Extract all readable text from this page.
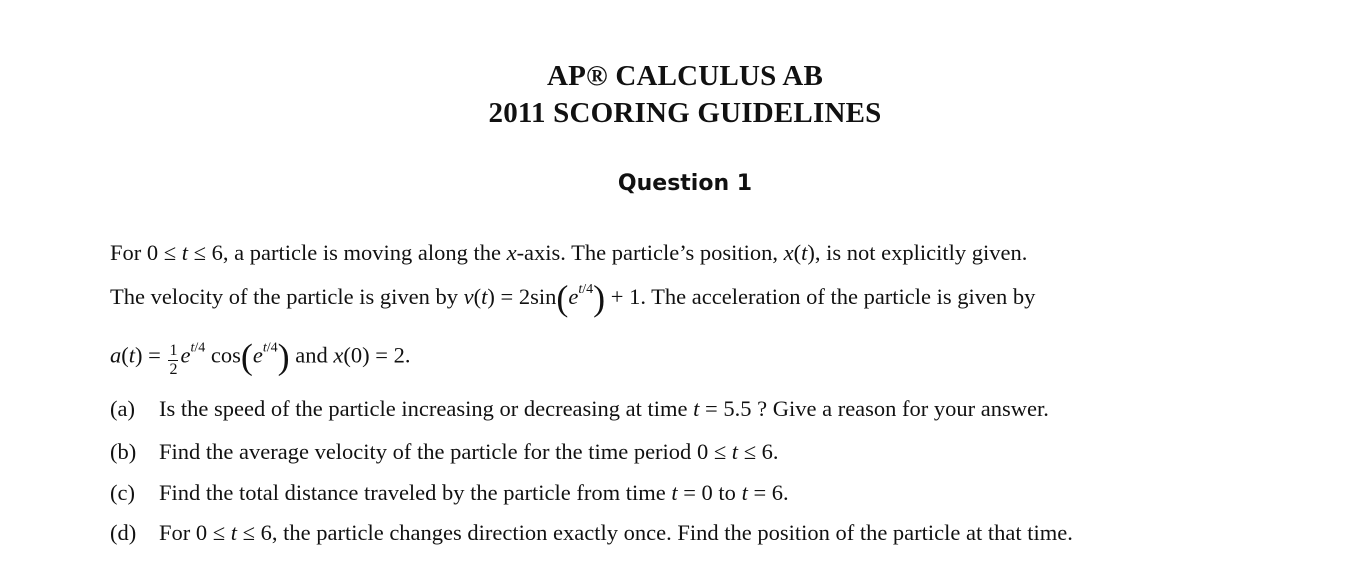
AP® CALCULUS AB
2011 SCORING GUIDELINES
Question 1
For 0 ≤ t ≤ 6, a particle is moving along the x-axis. The particle’s position, x(t), is not explicitly given.
The velocity of the particle is given by $v(t) = 2\sin(e^{t/4}) + 1$. The acceleration of the particle is given by
$a(t) = \frac{1}{2} e^{t/4}$ $\cos(e^{t/4})$ and x(0) = 2.
(a) Is the speed of the particle increasing or decreasing at time t = 5.5 ? Give a reason for your answer.
(b) Find the average velocity of the particle for the time period 0 ≤ t ≤ 6.
(c) Find the total distance traveled by the particle from time t = 0 to t = 6.
(d) For 0 ≤ t ≤ 6, the particle changes direction exactly once. Find the position of the particle at that time.
